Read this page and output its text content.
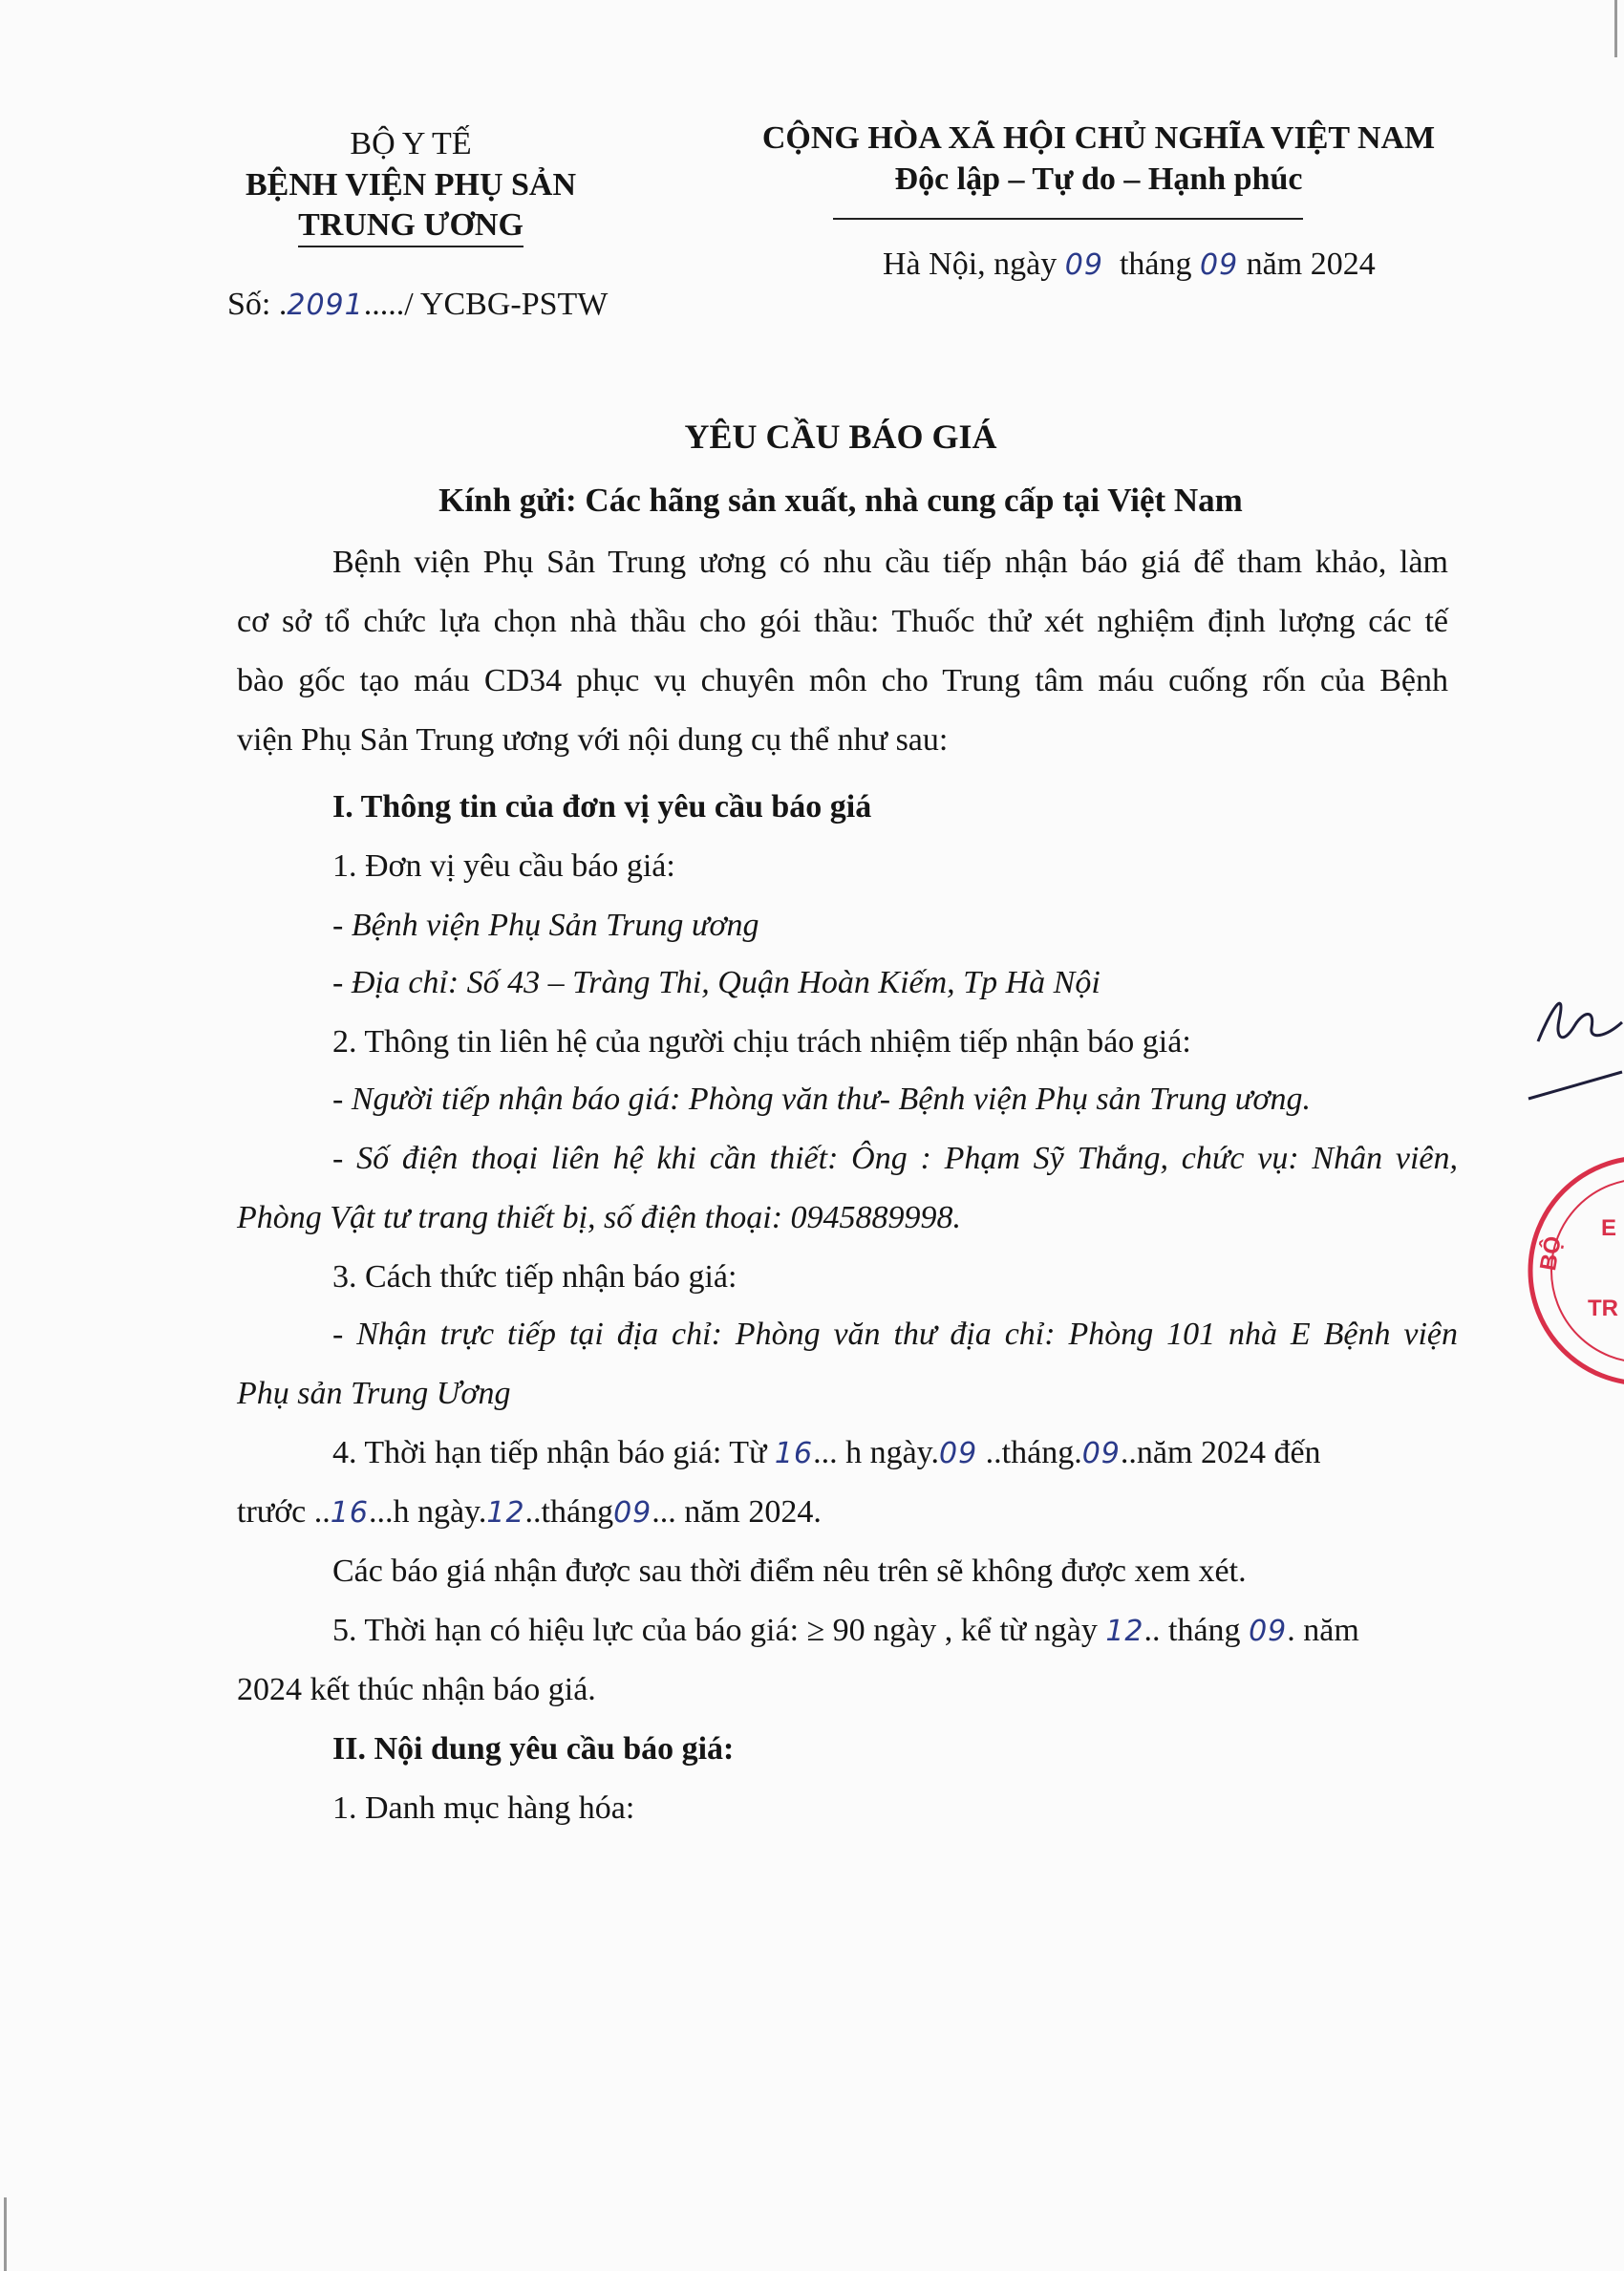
BỘ Y TẾ
BỆNH VIỆN PHỤ SẢN
TRUNG ƯƠNG
Số: .2091...../ YCBG-PSTW
CỘNG HÒA XÃ HỘI CHỦ NGHĨA VIỆT NAM
Độc lập – Tự do – Hạnh phúc
Hà Nội, ngày 09 tháng 09 năm 2024
YÊU CẦU BÁO GIÁ
Kính gửi: Các hãng sản xuất, nhà cung cấp tại Việt Nam
Bệnh viện Phụ Sản Trung ương có nhu cầu tiếp nhận báo giá để tham khảo, làm
cơ sở tổ chức lựa chọn nhà thầu cho gói thầu: Thuốc thử xét nghiệm định lượng các tế
bào gốc tạo máu CD34 phục vụ chuyên môn cho Trung tâm máu cuống rốn của Bệnh
viện Phụ Sản Trung ương với nội dung cụ thể như sau:
I. Thông tin của đơn vị yêu cầu báo giá
1. Đơn vị yêu cầu báo giá:
- Bệnh viện Phụ Sản Trung ương
- Địa chỉ: Số 43 – Tràng Thi, Quận Hoàn Kiếm, Tp Hà Nội
2. Thông tin liên hệ của người chịu trách nhiệm tiếp nhận báo giá:
- Người tiếp nhận báo giá: Phòng văn thư- Bệnh viện Phụ sản Trung ương.
- Số điện thoại liên hệ khi cần thiết: Ông : Phạm Sỹ Thắng, chức vụ: Nhân viên,
Phòng Vật tư trang thiết bị, số điện thoại: 0945889998.
3. Cách thức tiếp nhận báo giá:
- Nhận trực tiếp tại địa chỉ: Phòng văn thư địa chỉ: Phòng 101 nhà E Bệnh viện
Phụ sản Trung Ương
4. Thời hạn tiếp nhận báo giá: Từ 16... h ngày.09 ..tháng.09..năm 2024 đến
trước ..16...h ngày.12..tháng09... năm 2024.
Các báo giá nhận được sau thời điểm nêu trên sẽ không được xem xét.
5. Thời hạn có hiệu lực của báo giá: ≥ 90 ngày , kể từ ngày 12.. tháng 09. năm
2024 kết thúc nhận báo giá.
II. Nội dung yêu cầu báo giá:
1. Danh mục hàng hóa:
BỘ
E
TR
